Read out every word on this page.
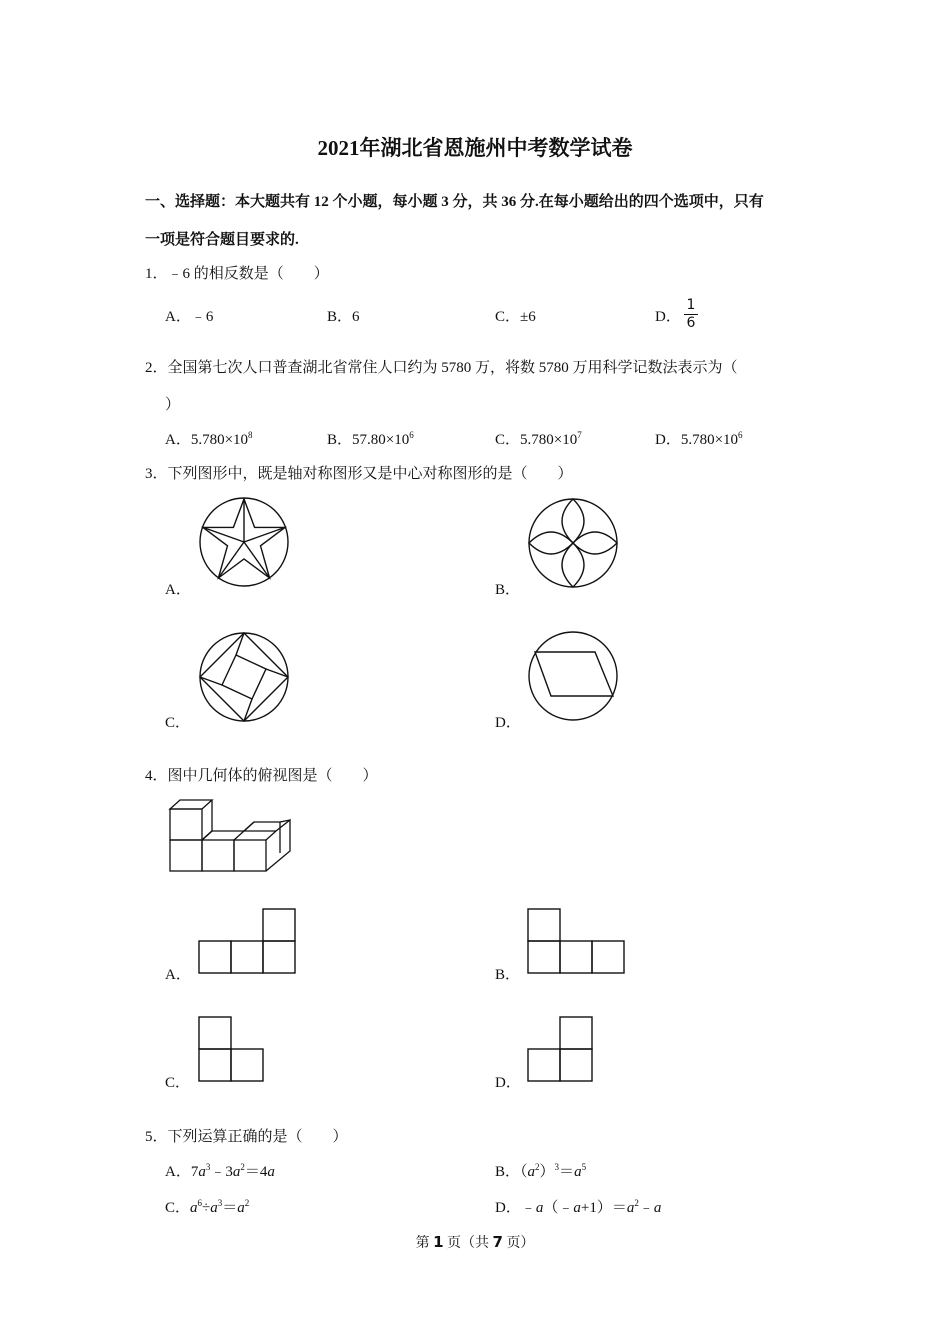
2021年湖北省恩施州中考数学试卷
一、选择题：本大题共有 12 个小题，每小题 3 分，共 36 分.在每小题给出的四个选项中，只有
一项是符合题目要求的.
1．﹣6 的相反数是（　　）
A．﹣6	B．6	C．±6	D． $\frac{1}{6}$
2．全国第七次人口普查湖北省常住人口约为 5780 万，将数 5780 万用科学记数法表示为（
）
A．$5.780\times 10^8$	B．$57.80\times 10^6$	C．$5.780\times 10^7$	D．$5.780\times 10^6$
3．下列图形中，既是轴对称图形又是中心对称图形的是（　　）
A．	B．
C．	D．
4．图中几何体的俯视图是（　　）
A．	B．
C．	D．
5．下列运算正确的是（　　）
A．$7a^3﹣3a^2=4a$	B．$(a^2)^3=a^5$
C．$a^6\div a^3=a^2$	D．$﹣a(﹣a+1)=a^2﹣a$
第 1 页（共 7 页）
